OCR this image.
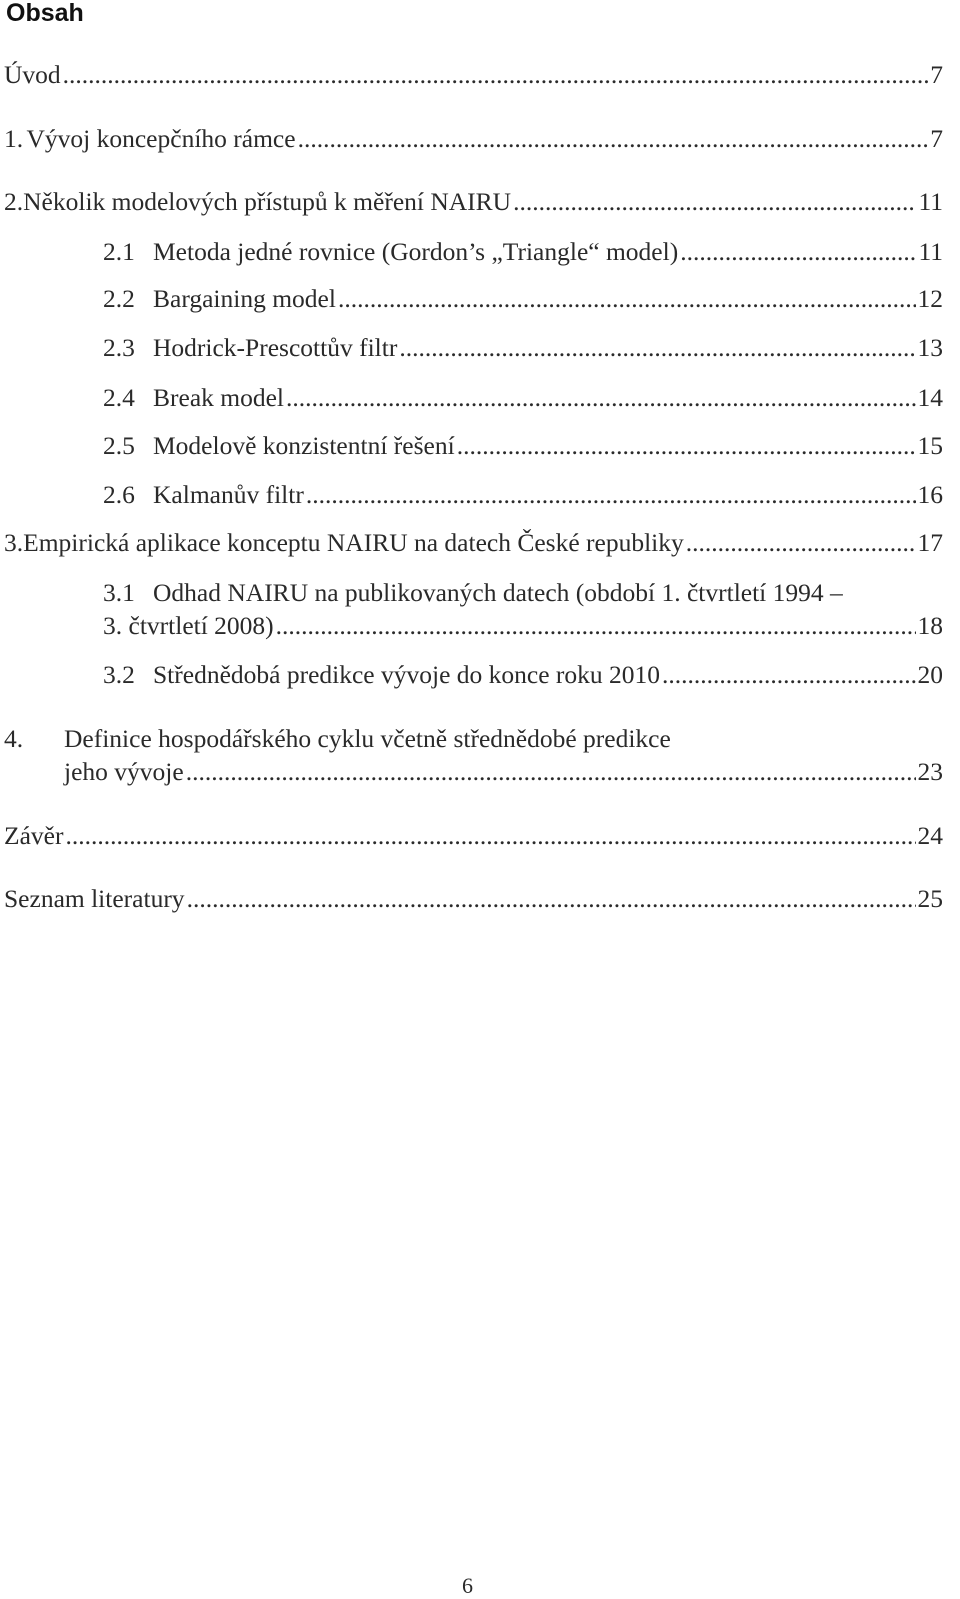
Obsah
Úvod .....	7
1. Vývoj koncepčního rámce .....	7
2. Několik modelových přístupů k měření NAIRU .....	11
2.1 Metoda jedné rovnice (Gordon’s „Triangle“ model) .....	11
2.2 Bargaining model .....	12
2.3 Hodrick-Prescottův filtr .....	13
2.4 Break model .....	14
2.5 Modelově konzistentní řešení .....	15
2.6 Kalmanův filtr .....	16
3. Empirická aplikace konceptu NAIRU na datech České republiky .....	17
3.1 Odhad NAIRU na publikovaných datech (období 1. čtvrtletí 1994 –
3. čtvrtletí 2008) .....	18
3.2 Střednědobá predikce vývoje do konce roku 2010 .....	20
4. Definice hospodářského cyklu včetně střednědobé predikce
jeho vývoje .....	23
Závěr .....	24
Seznam literatury .....	25
6
